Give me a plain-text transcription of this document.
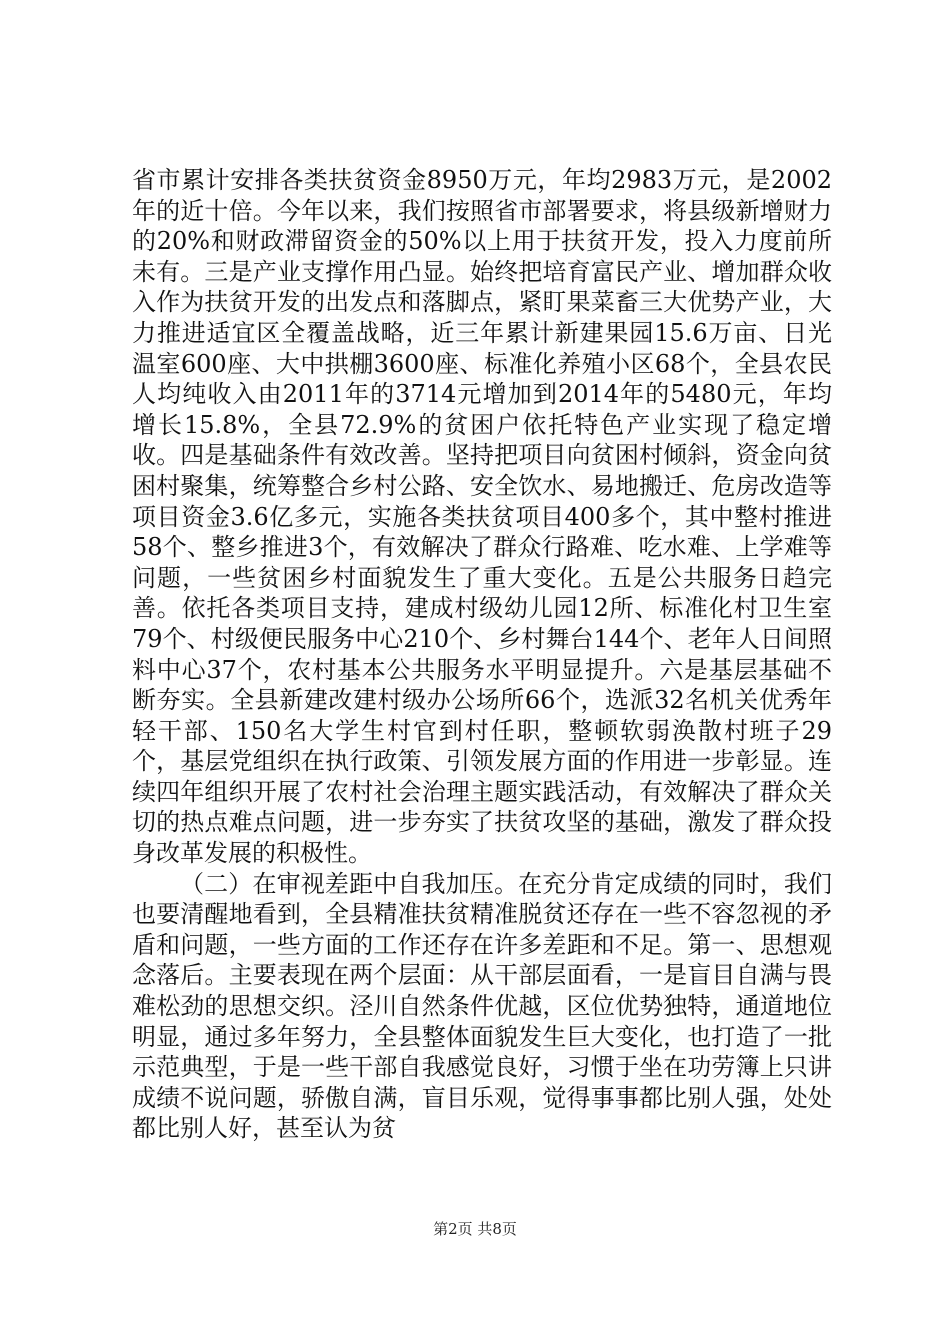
省市累计安排各类扶贫资金8950万元，年均2983万元，是2002年的近十倍。今年以来，我们按照省市部署要求，将县级新增财力的20%和财政滞留资金的50%以上用于扶贫开发，投入力度前所未有。三是产业支撑作用凸显。始终把培育富民产业、增加群众收入作为扶贫开发的出发点和落脚点，紧盯果菜畜三大优势产业，大力推进适宜区全覆盖战略，近三年累计新建果园15.6万亩、日光温室600座、大中拱棚3600座、标准化养殖小区68个，全县农民人均纯收入由2011年的3714元增加到2014年的5480元，年均增长15.8%，全县72.9%的贫困户依托特色产业实现了稳定增收。四是基础条件有效改善。坚持把项目向贫困村倾斜，资金向贫困村聚集，统筹整合乡村公路、安全饮水、易地搬迁、危房改造等项目资金3.6亿多元，实施各类扶贫项目400多个，其中整村推进58个、整乡推进3个，有效解决了群众行路难、吃水难、上学难等问题，一些贫困乡村面貌发生了重大变化。五是公共服务日趋完善。依托各类项目支持，建成村级幼儿园12所、标准化村卫生室79个、村级便民服务中心210个、乡村舞台144个、老年人日间照料中心37个，农村基本公共服务水平明显提升。六是基层基础不断夯实。全县新建改建村级办公场所66个，选派32名机关优秀年轻干部、150名大学生村官到村任职，整顿软弱涣散村班子29个，基层党组织在执行政策、引领发展方面的作用进一步彰显。连续四年组织开展了农村社会治理主题实践活动，有效解决了群众关切的热点难点问题，进一步夯实了扶贫攻坚的基础，激发了群众投身改革发展的积极性。

（二）在审视差距中自我加压。在充分肯定成绩的同时，我们也要清醒地看到，全县精准扶贫精准脱贫还存在一些不容忽视的矛盾和问题，一些方面的工作还存在许多差距和不足。第一、思想观念落后。主要表现在两个层面：从干部层面看，一是盲目自满与畏难松劲的思想交织。泾川自然条件优越，区位优势独特，通道地位明显，通过多年努力，全县整体面貌发生巨大变化，也打造了一批示范典型，于是一些干部自我感觉良好，习惯于坐在功劳簿上只讲成绩不说问题，骄傲自满，盲目乐观，觉得事事都比别人强，处处都比别人好，甚至认为贫

第2页 共8页
